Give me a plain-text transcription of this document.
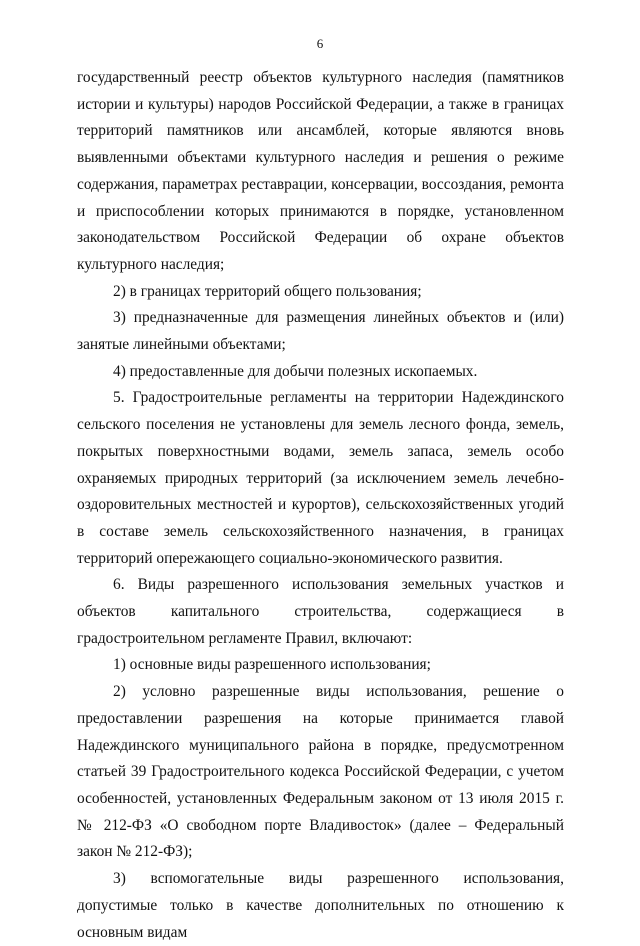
6

государственный реестр объектов культурного наследия (памятников истории и культуры) народов Российской Федерации, а также в границах территорий памятников или ансамблей, которые являются вновь выявленными объектами культурного наследия и решения о режиме содержания, параметрах реставрации, консервации, воссоздания, ремонта и приспособлении которых принимаются в порядке, установленном законодательством Российской Федерации об охране объектов культурного наследия;

2) в границах территорий общего пользования;

3) предназначенные для размещения линейных объектов и (или) занятые линейными объектами;

4) предоставленные для добычи полезных ископаемых.

5. Градостроительные регламенты на территории Надеждинского сельского поселения не установлены для земель лесного фонда, земель, покрытых поверхностными водами, земель запаса, земель особо охраняемых природных территорий (за исключением земель лечебно-оздоровительных местностей и курортов), сельскохозяйственных угодий в составе земель сельскохозяйственного назначения, в границах территорий опережающего социально-экономического развития.

6. Виды разрешенного использования земельных участков и объектов капитального строительства, содержащиеся в градостроительном регламенте Правил, включают:

1) основные виды разрешенного использования;

2) условно разрешенные виды использования, решение о предоставлении разрешения на которые принимается главой Надеждинского муниципального района в порядке, предусмотренном статьей 39 Градостроительного кодекса Российской Федерации, с учетом особенностей, установленных Федеральным законом от 13 июля 2015 г. № 212-ФЗ «О свободном порте Владивосток» (далее – Федеральный закон № 212-ФЗ);

3) вспомогательные виды разрешенного использования, допустимые только в качестве дополнительных по отношению к основным видам
